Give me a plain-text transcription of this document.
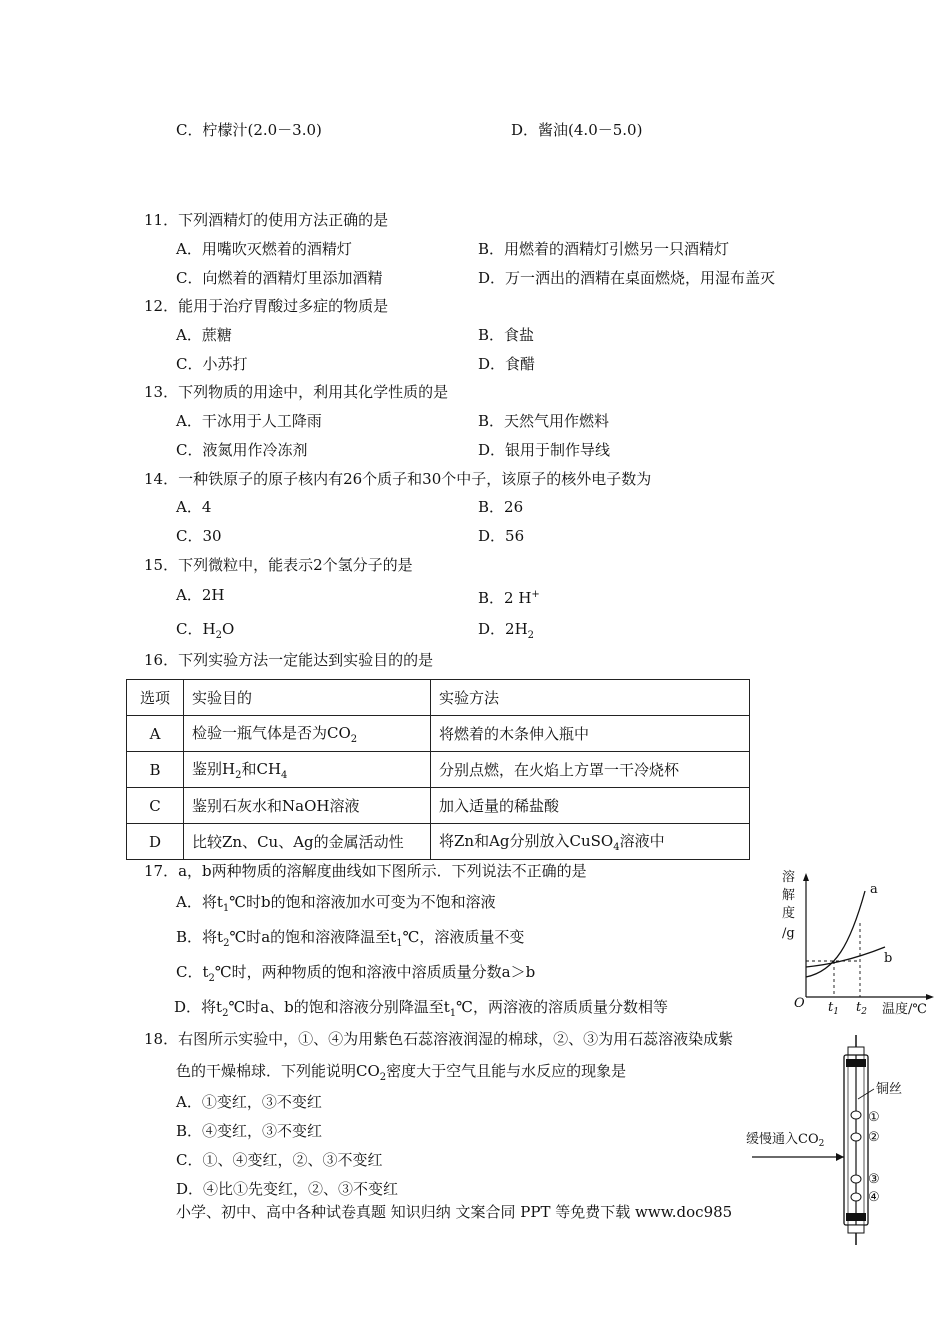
C．柠檬汁(2.0－3.0)	D．酱油(4.0－5.0)
11．下列酒精灯的使用方法正确的是
A．用嘴吹灭燃着的酒精灯	B．用燃着的酒精灯引燃另一只酒精灯
C．向燃着的酒精灯里添加酒精	D．万一洒出的酒精在桌面燃烧，用湿布盖灭
12．能用于治疗胃酸过多症的物质是
A．蔗糖	B．食盐
C．小苏打	D．食醋
13．下列物质的用途中，利用其化学性质的是
A．干冰用于人工降雨	B．天然气用作燃料
C．液氮用作冷冻剂	D．银用于制作导线
14．一种铁原子的原子核内有26个质子和30个中子，该原子的核外电子数为
A．4	B．26
C．30	D．56
15．下列微粒中，能表示2个氢分子的是
A．2H	B．2 H+
C．$H_2O$	D．$2H_2$
16．下列实验方法一定能达到实验目的的是
选项	实验目的	实验方法
A	检验一瓶气体是否为$CO_2$	将燃着的木条伸入瓶中
B	鉴别$H_2$和$CH_4$	分别点燃，在火焰上方罩一干冷烧杯
C	鉴别石灰水和NaOH溶液	加入适量的稀盐酸
D	比较Zn、Cu、Ag的金属活动性	将Zn和Ag分别放入CuSO$_4$溶液中
17．a，b两种物质的溶解度曲线如下图所示．下列说法不正确的是
A．将$t_1℃$时b的饱和溶液加水可变为不饱和溶液
B．将$t_2℃$时a的饱和溶液降温至$t_1℃$，溶液质量不变
C．$t_2℃$时，两种物质的饱和溶液中溶质质量分数a＞b
D．将$t_2℃$时a、b的饱和溶液分别降温至$t_1℃$，两溶液的溶质质量分数相等
溶
解
度
/g
O $t_1$ $t_2$ 温度/℃
a
b
18．右图所示实验中，①、④为用紫色石蕊溶液润湿的棉球，②、③为用石蕊溶液染成紫
色的干燥棉球．下列能说明$CO_2$密度大于空气且能与水反应的现象是
A．①变红，③不变红
B．④变红，③不变红
C．①、④变红，②、③不变红
D．④比①先变红，②、③不变红
铜丝
缓慢通入$CO_2$
①
②
③
④
小学、初中、高中各种试卷真题 知识归纳 文案合同 PPT 等免费下载 www.doc985
